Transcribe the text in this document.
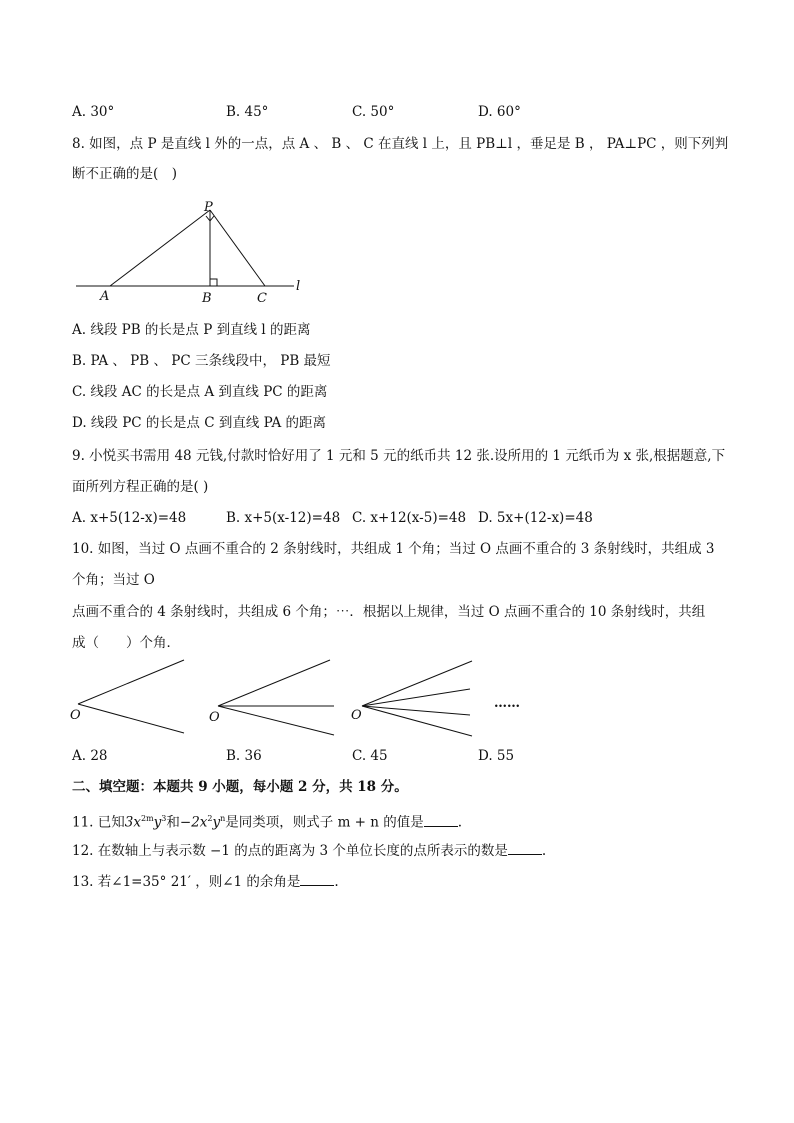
A. 30°	B. 45°	C. 50°	D. 60°
8. 如图，点 P 是直线 l 外的一点，点 A 、 B 、 C 在直线 l 上，且 PB⊥l ，垂足是 B ， PA⊥PC ，则下列判
断不正确的是(　)
P
A	B	C
l
A. 线段 PB 的长是点 P 到直线 l 的距离
B. PA 、 PB 、 PC 三条线段中， PB 最短
C. 线段 AC 的长是点 A 到直线 PC 的距离
D. 线段 PC 的长是点 C 到直线 PA 的距离
9. 小悦买书需用 48 元钱,付款时恰好用了 1 元和 5 元的纸币共 12 张.设所用的 1 元纸币为 x 张,根据题意,下
面所列方程正确的是( )
A. x+5(12-x)=48	B. x+5(x-12)=48 C. x+12(x-5)=48 D. 5x+(12-x)=48
10. 如图，当过 O 点画不重合的 2 条射线时，共组成 1 个角；当过 O 点画不重合的 3 条射线时，共组成 3
个角；当过 O
点画不重合的 4 条射线时，共组成 6 个角；⋯．根据以上规律，当过 O 点画不重合的 10 条射线时，共组
成（　　）个角．
O	O	O
……
A. 28	B. 36	C. 45	D. 55
二、填空题：本题共 9 小题，每小题 2 分，共 18 分。
11. 已知$3x^{2m}y^3$和$-2x^2y^n$是同类项，则式子 m + n 的值是	.
12. 在数轴上与表示数 −1 的点的距离为 3 个单位长度的点所表示的数是	.
13. 若∠1=35° 21′ ，则∠1 的余角是	.
